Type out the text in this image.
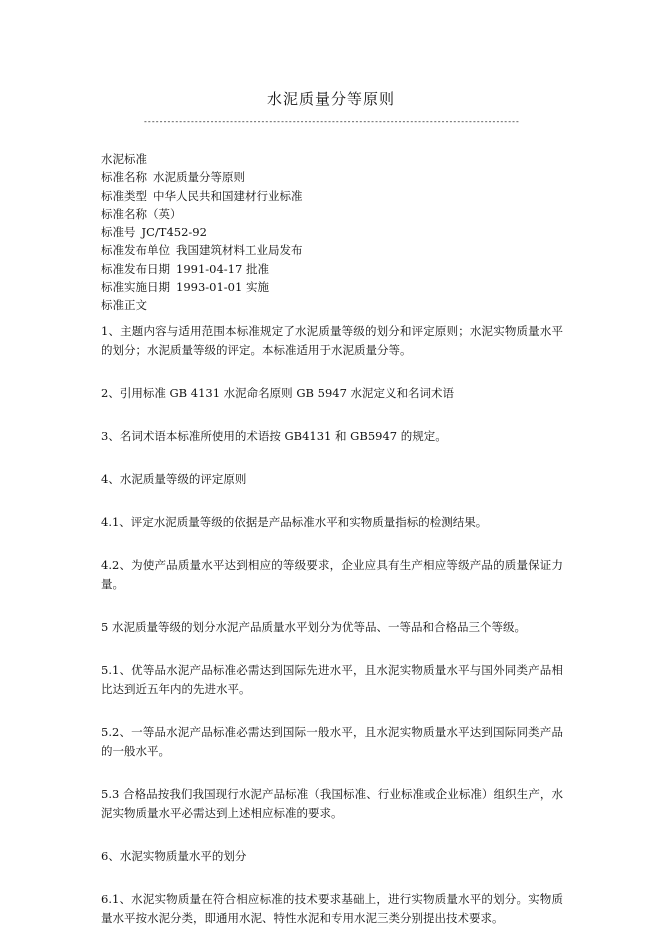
水泥质量分等原则
------------------------------------------------------------------------------------------------
水泥标准
标准名称 水泥质量分等原则
标准类型 中华人民共和国建材行业标准
标准名称（英）
标准号 JC/T452-92
标准发布单位 我国建筑材料工业局发布
标准发布日期 1991-04-17 批准
标准实施日期 1993-01-01 实施
标准正文

1、主题内容与适用范围本标准规定了水泥质量等级的划分和评定原则；水泥实物质量水平的划分；水泥质量等级的评定。本标准适用于水泥质量分等。

2、引用标准 GB 4131 水泥命名原则 GB 5947 水泥定义和名词术语

3、名词术语本标准所使用的术语按 GB4131 和 GB5947 的规定。

4、水泥质量等级的评定原则

4.1、评定水泥质量等级的依据是产品标准水平和实物质量指标的检测结果。

4.2、为使产品质量水平达到相应的等级要求，企业应具有生产相应等级产品的质量保证力量。

5 水泥质量等级的划分水泥产品质量水平划分为优等品、一等品和合格品三个等级。

5.1、优等品水泥产品标准必需达到国际先进水平，且水泥实物质量水平与国外同类产品相比达到近五年内的先进水平。

5.2、一等品水泥产品标准必需达到国际一般水平，且水泥实物质量水平达到国际同类产品的一般水平。

5.3 合格品按我们我国现行水泥产品标准（我国标准、行业标准或企业标准）组织生产，水泥实物质量水平必需达到上述相应标准的要求。

6、水泥实物质量水平的划分

6.1、水泥实物质量在符合相应标准的技术要求基础上，进行实物质量水平的划分。实物质量水平按水泥分类，即通用水泥、特性水泥和专用水泥三类分别提出技术要求。
